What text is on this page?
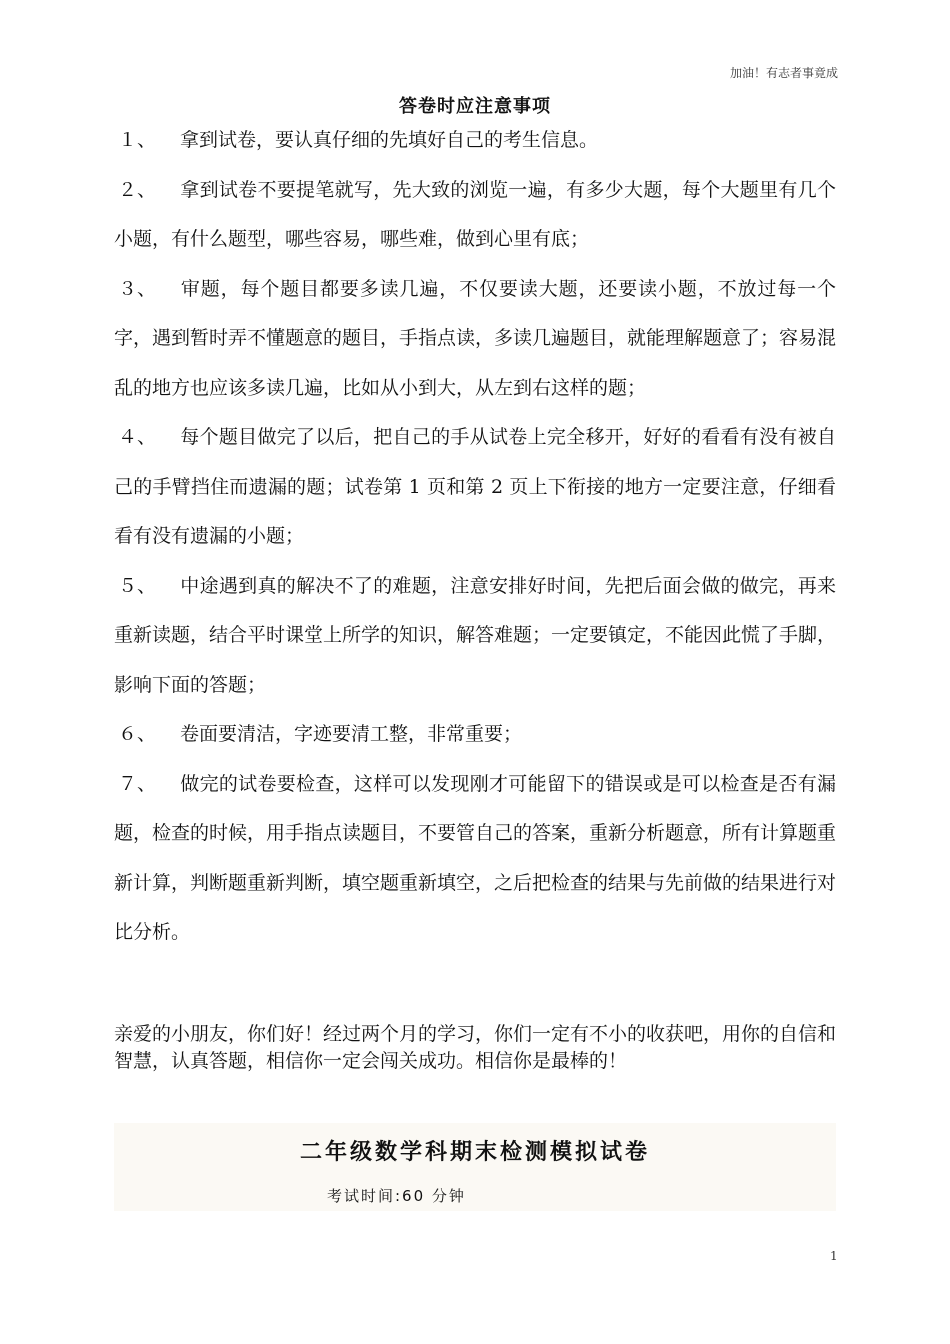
加油！有志者事竟成
答卷时应注意事项

１、 拿到试卷，要认真仔细的先填好自己的考生信息。

２、 拿到试卷不要提笔就写，先大致的浏览一遍，有多少大题，每个大题里有几个小题，有什么题型，哪些容易，哪些难，做到心里有底；

３、 审题，每个题目都要多读几遍，不仅要读大题，还要读小题，不放过每一个字，遇到暂时弄不懂题意的题目，手指点读，多读几遍题目，就能理解题意了；容易混乱的地方也应该多读几遍，比如从小到大，从左到右这样的题；

４、 每个题目做完了以后，把自己的手从试卷上完全移开，好好的看看有没有被自己的手臂挡住而遗漏的题；试卷第 1 页和第 2 页上下衔接的地方一定要注意，仔细看看有没有遗漏的小题；

５、 中途遇到真的解决不了的难题，注意安排好时间，先把后面会做的做完，再来重新读题，结合平时课堂上所学的知识，解答难题；一定要镇定，不能因此慌了手脚，影响下面的答题；

６、 卷面要清洁，字迹要清工整，非常重要；

７、 做完的试卷要检查，这样可以发现刚才可能留下的错误或是可以检查是否有漏题，检查的时候，用手指点读题目，不要管自己的答案，重新分析题意，所有计算题重新计算，判断题重新判断，填空题重新填空，之后把检查的结果与先前做的结果进行对比分析。

亲爱的小朋友，你们好！经过两个月的学习，你们一定有不小的收获吧，用你的自信和智慧，认真答题，相信你一定会闯关成功。相信你是最棒的！

二年级数学科期末检测模拟试卷
考试时间:60 分钟
1
